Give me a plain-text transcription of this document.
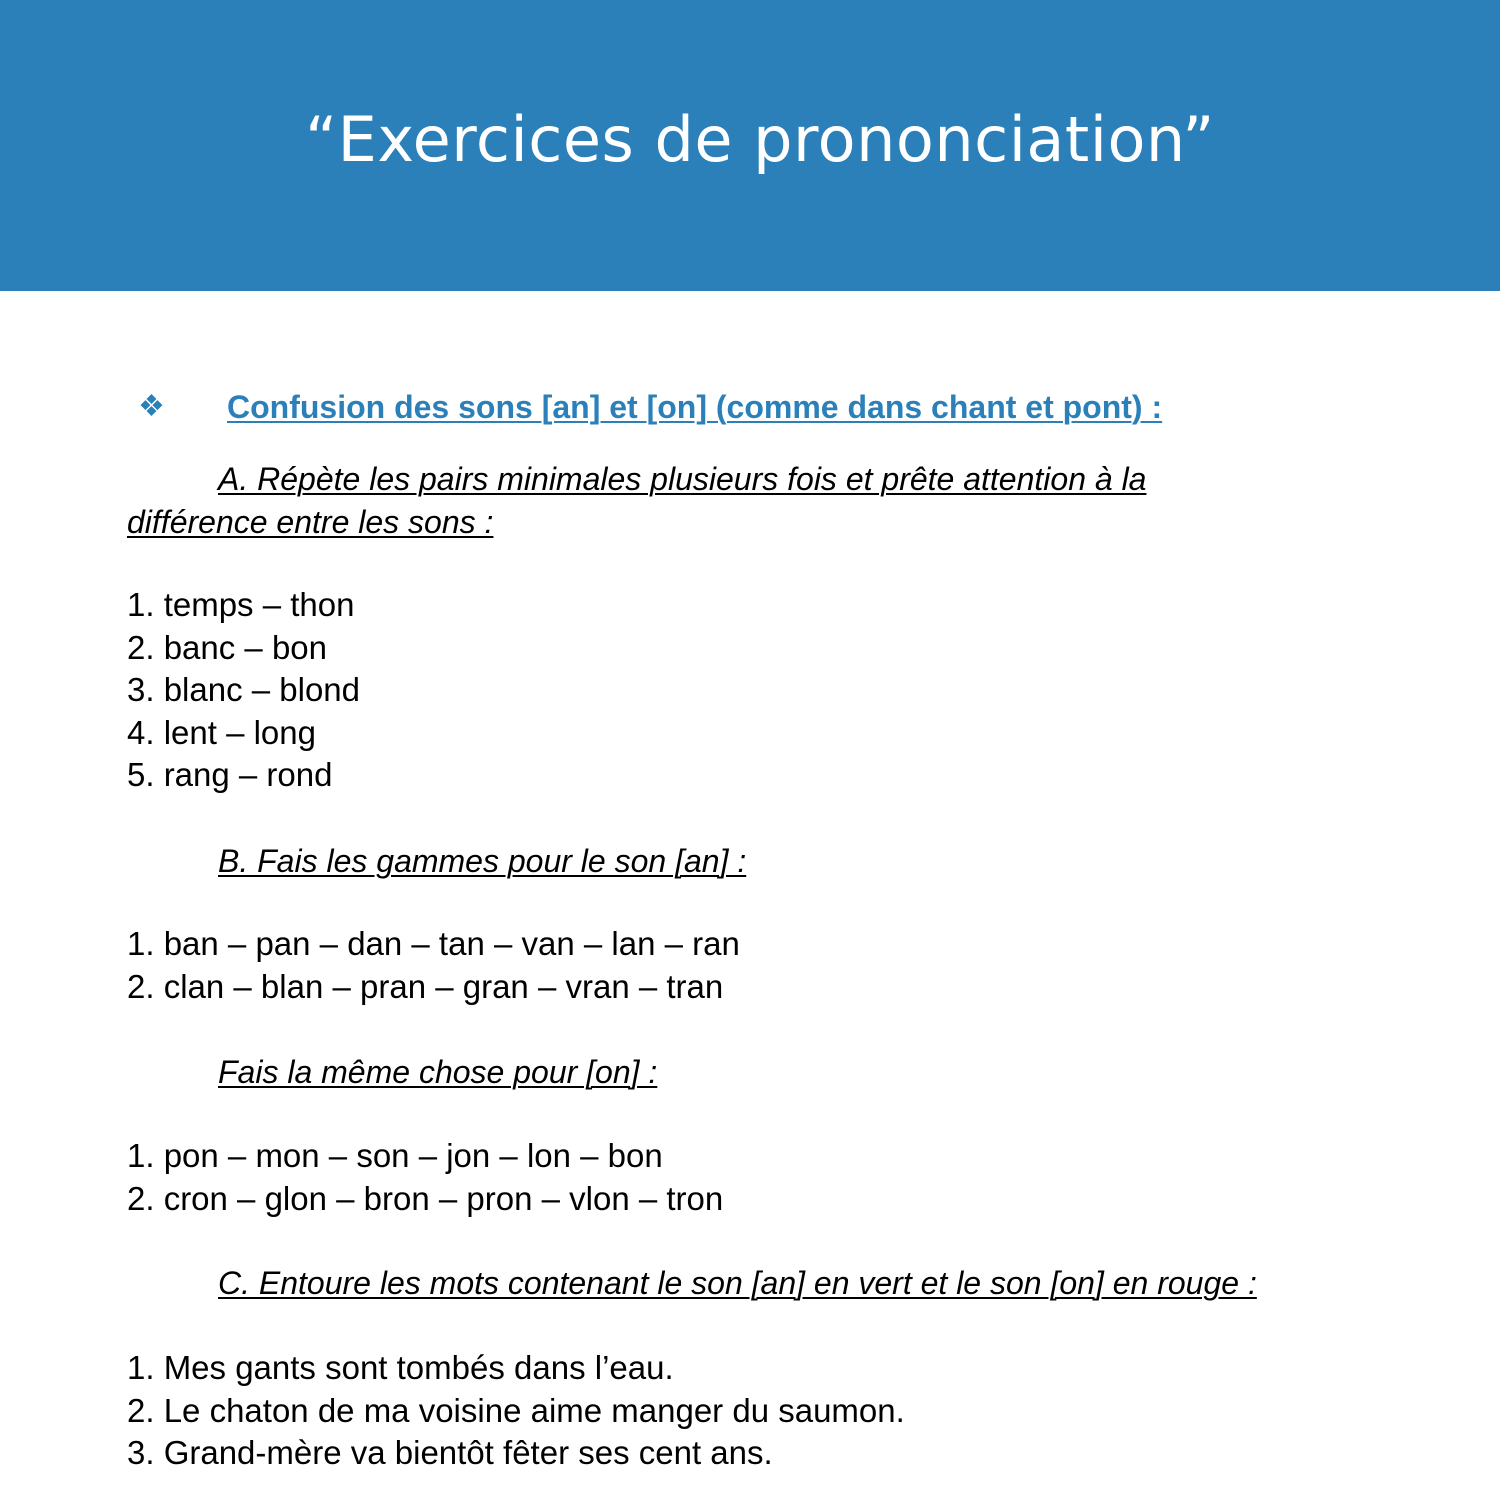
“Exercices de prononciation”
❖ Confusion des sons [an] et [on] (comme dans chant et pont) :
A. Répète les pairs minimales plusieurs fois et prête attention à la
différence entre les sons :
1. temps – thon
2. banc – bon
3. blanc – blond
4. lent – long
5. rang – rond
B. Fais les gammes pour le son [an] :
1. ban – pan – dan – tan – van – lan – ran
2. clan – blan – pran – gran – vran – tran
Fais la même chose pour [on] :
1. pon – mon – son – jon – lon – bon
2. cron – glon – bron – pron – vlon – tron
C. Entoure les mots contenant le son [an] en vert et le son [on] en rouge :
1. Mes gants sont tombés dans l’eau.
2. Le chaton de ma voisine aime manger du saumon.
3. Grand-mère va bientôt fêter ses cent ans.
